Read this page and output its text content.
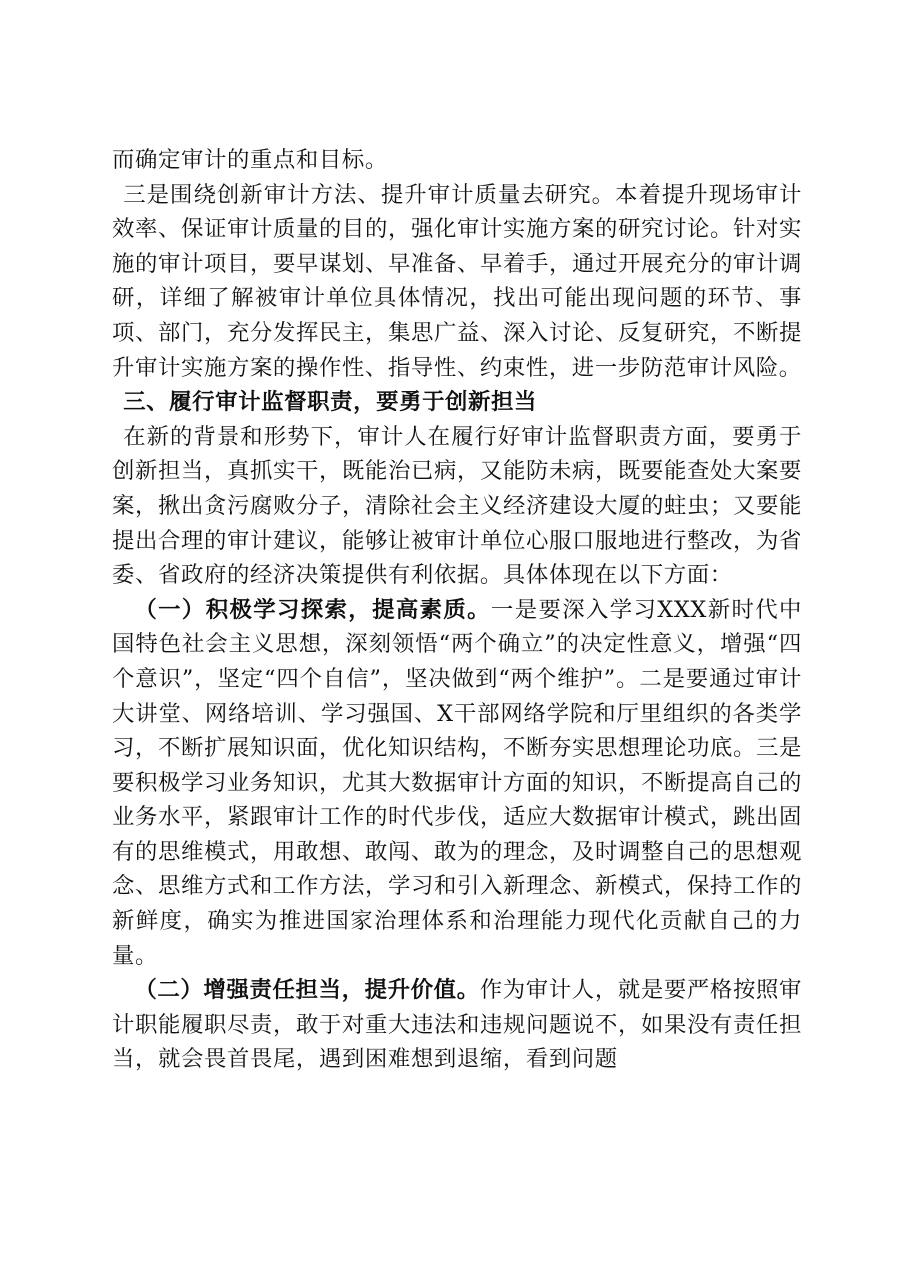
而确定审计的重点和目标。

三是围绕创新审计方法、提升审计质量去研究。本着提升现场审计效率、保证审计质量的目的，强化审计实施方案的研究讨论。针对实施的审计项目，要早谋划、早准备、早着手，通过开展充分的审计调研，详细了解被审计单位具体情况，找出可能出现问题的环节、事项、部门，充分发挥民主，集思广益、深入讨论、反复研究，不断提升审计实施方案的操作性、指导性、约束性，进一步防范审计风险。

三、履行审计监督职责，要勇于创新担当

在新的背景和形势下，审计人在履行好审计监督职责方面，要勇于创新担当，真抓实干，既能治已病，又能防未病，既要能查处大案要案，揪出贪污腐败分子，清除社会主义经济建设大厦的蛀虫；又要能提出合理的审计建议，能够让被审计单位心服口服地进行整改，为省委、省政府的经济决策提供有利依据。具体体现在以下方面：

（一）积极学习探索，提高素质。一是要深入学习XXX新时代中国特色社会主义思想，深刻领悟“两个确立”的决定性意义，增强“四个意识”，坚定“四个自信”，坚决做到“两个维护”。二是要通过审计大讲堂、网络培训、学习强国、X干部网络学院和厅里组织的各类学习，不断扩展知识面，优化知识结构，不断夯实思想理论功底。三是要积极学习业务知识，尤其大数据审计方面的知识，不断提高自己的业务水平，紧跟审计工作的时代步伐，适应大数据审计模式，跳出固有的思维模式，用敢想、敢闯、敢为的理念，及时调整自己的思想观念、思维方式和工作方法，学习和引入新理念、新模式，保持工作的新鲜度，确实为推进国家治理体系和治理能力现代化贡献自己的力量。

（二）增强责任担当，提升价值。作为审计人，就是要严格按照审计职能履职尽责，敢于对重大违法和违规问题说不，如果没有责任担当，就会畏首畏尾，遇到困难想到退缩，看到问题
